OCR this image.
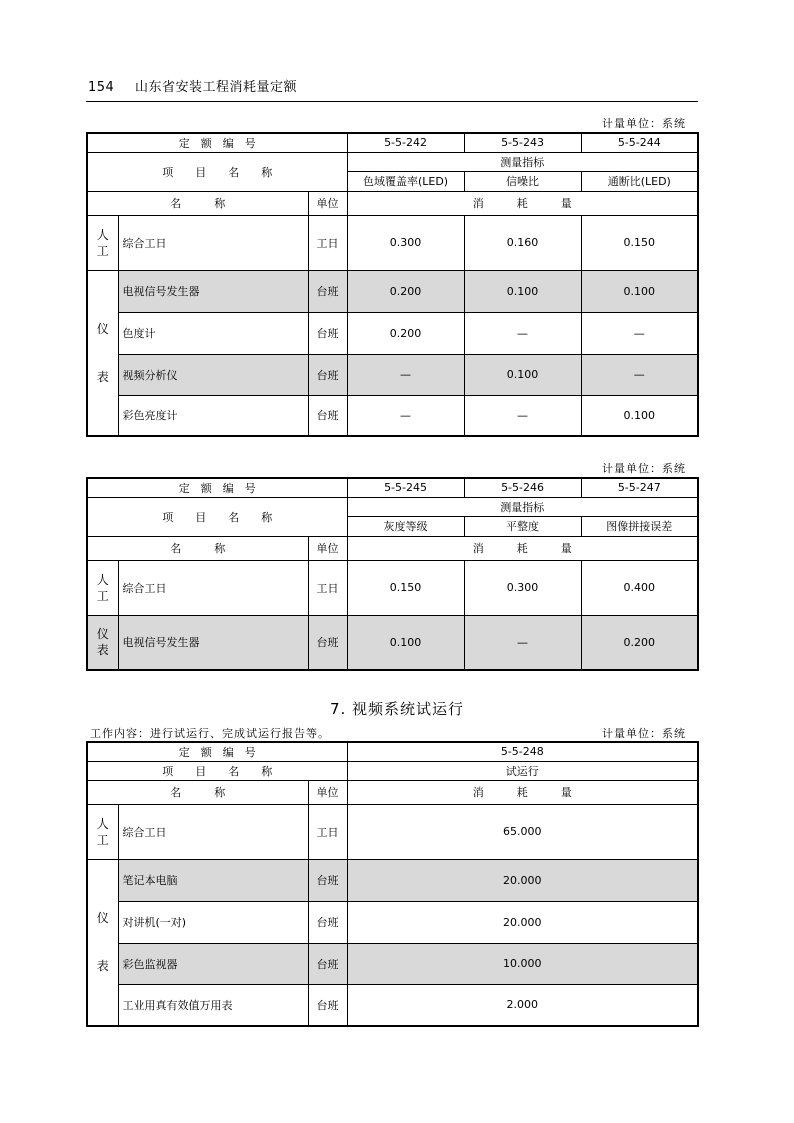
154 山东省安装工程消耗量定额
计量单位：系统
定　额　编　号			5-5-242	5-5-243	5-5-244
项　　目　　名　　称			测量指标		
			色域覆盖率(LED)	信噪比	通断比(LED)
名　　　称		单位	消　　　耗　　　量		
人
工	综合工日	工日	0.300	0.160	0.150
仪

表	电视信号发生器	台班	0.200	0.100	0.100
	色度计	台班	0.200	—	—
	视频分析仪	台班	—	0.100	—
	彩色亮度计	台班	—	—	0.100
计量单位：系统
定　额　编　号			5-5-245	5-5-246	5-5-247
项　　目　　名　　称			测量指标		
			灰度等级	平整度	图像拼接误差
名　　　称		单位	消　　　耗　　　量		
人
工	综合工日	工日	0.150	0.300	0.400
仪
表	电视信号发生器	台班	0.100	—	0.200
7. 视频系统试运行
工作内容：进行试运行、完成试运行报告等。	计量单位：系统
定　额　编　号			5-5-248
项　　目　　名　　称			试运行
名　　　称		单位	消　　　耗　　　量
人
工	综合工日	工日	65.000
仪

表	笔记本电脑	台班	20.000
	对讲机(一对)	台班	20.000
	彩色监视器	台班	10.000
	工业用真有效值万用表	台班	2.000
